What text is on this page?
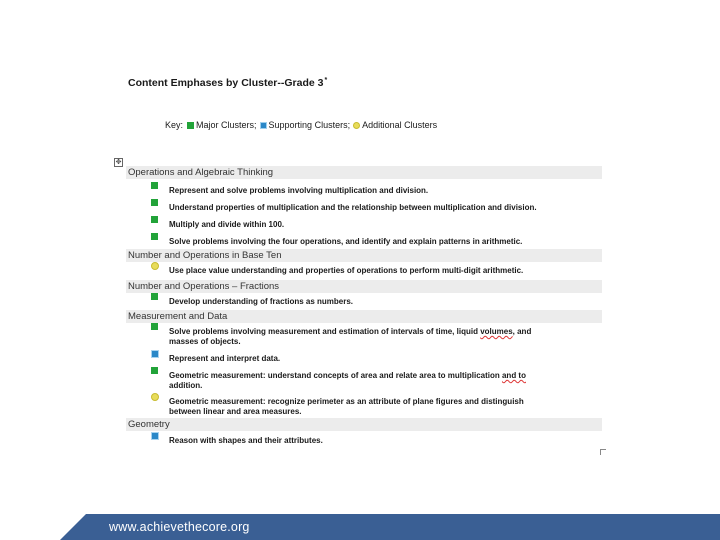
Content Emphases by Cluster--Grade 3*
Key: Major Clusters; Supporting Clusters; Additional Clusters
✥
Operations and Algebraic Thinking
Represent and solve problems involving multiplication and division.
Understand properties of multiplication and the relationship between multiplication and division.
Multiply and divide within 100.
Solve problems involving the four operations, and identify and explain patterns in arithmetic.
Number and Operations in Base Ten
Use place value understanding and properties of operations to perform multi-digit arithmetic.
Number and Operations – Fractions
Develop understanding of fractions as numbers.
Measurement and Data
Solve problems involving measurement and estimation of intervals of time, liquid volumes, and
masses of objects.
Represent and interpret data.
Geometric measurement: understand concepts of area and relate area to multiplication and to
addition.
Geometric measurement: recognize perimeter as an attribute of plane figures and distinguish
between linear and area measures.
Geometry
Reason with shapes and their attributes.
www.achievethecore.org
